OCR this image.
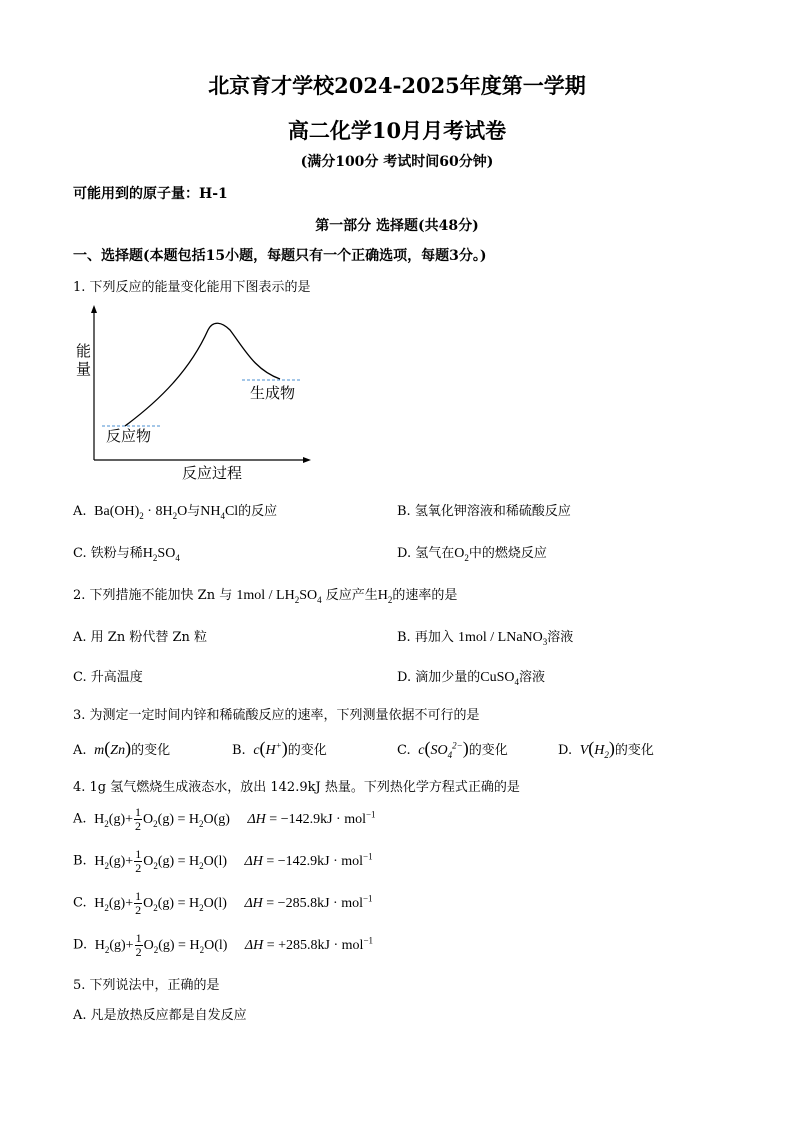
北京育才学校2024-2025年度第一学期
高二化学10月月考试卷
(满分100分 考试时间60分钟)
可能用到的原子量：H-1
第一部分 选择题(共48分)
一、选择题(本题包括15小题，每题只有一个正确选项，每题3分。)
1. 下列反应的能量变化能用下图表示的是
能
量
反应过程
反应物
生成物
A.  $Ba(OH)_2 \cdot 8H_2O$与$NH_4Cl$的反应	B. 氢氧化钾溶液和稀硫酸反应
C. 铁粉与稀$H_2SO_4$	D. 氢气在$O_2$中的燃烧反应
2. 下列措施不能加快 Zn 与 $1mol / LH_2SO_4$ 反应产生$H_2$的速率的是
A. 用 Zn 粉代替 Zn 粒	B. 再加入 1mol / LNaNO$_3$溶液
C. 升高温度	D. 滴加少量的CuSO$_4$溶液
3. 为测定一定时间内锌和稀硫酸反应的速率，下列测量依据不可行的是
A.  m(Zn)的变化	B.  c(H+)的变化	C.  $c(SO_4^{2-})$的变化	D.  $V(H_2)$的变化
4. 1g 氢气燃烧生成液态水，放出 142.9kJ 热量。下列热化学方程式正确的是
A.  $H_2(g)+ \frac{1}{2} O_2(g) = H_2O(g) \Delta H = -142.9kJ \cdot mol^{-1}$
B.  $H_2(g)+ \frac{1}{2} O_2(g) = H_2O(l) \Delta H = -142.9kJ \cdot mol^{-1}$
C.  $H_2(g)+ \frac{1}{2} O_2(g) = H_2O(l) \Delta H = -285.8kJ \cdot mol^{-1}$
D.  $H_2(g)+ \frac{1}{2} O_2(g) = H_2O(l) \Delta H = +285.8kJ \cdot mol^{-1}$
5. 下列说法中，正确的是
A. 凡是放热反应都是自发反应
